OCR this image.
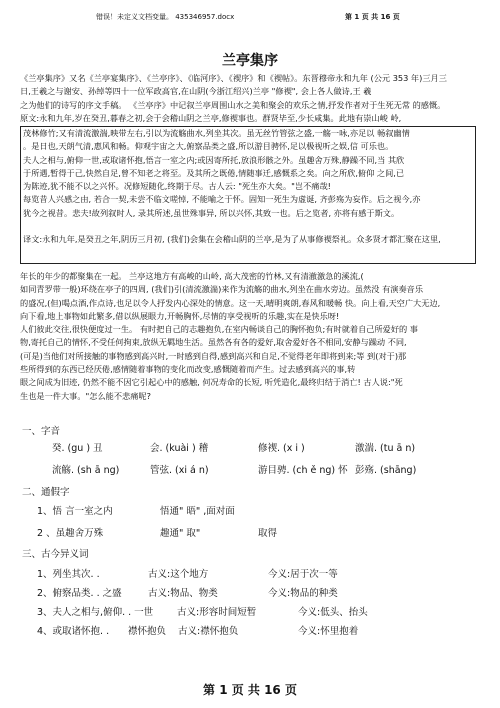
错误！未定义文档变量。 435346957.docx	第 1 页 共 16 页
兰亭集序
《兰亭集序》又名《兰亭宴集序》、《兰亭序》、《临河序》、《禊序》和《禊帖》。东晋穆帝永和九年 (公元 353 年)三月三
日,王羲之与谢安、孙绰等四十一位军政高官,在山阴(今浙江绍兴)兰亭 "修禊", 会上各人做诗,王 羲
之为他们的诗写的序文手稿。 《兰亭序》中记叙兰亭周围山水之美和聚会的欢乐之情,抒发作者对于生死无常 的感慨。
原文:永和九年,岁在癸丑,暮春之初,会于会稽山阴之兰亭,修禊事也。群贤毕至,少长咸集。此地有崇山峻 岭,
茂林修竹;又有清流激湍,映带左右,引以为流觞曲水,列坐其次。虽无丝竹管弦之盛,一觞一咏,亦足以 畅叙幽情
。是日也,天朗气清,惠风和畅。仰观宇宙之大,俯察品类之盛,所以游目骋怀,足以极视听之娱,信 可乐也。
夫人之相与,俯仰一世,或取诸怀抱,悟言一室之内;或因寄所托,放浪形骸之外。虽趣舍万殊,静躁不同,当 其欣
于所遇,暂得于己,快然自足,曾不知老之将至。及其所之既倦,情随事迁,感慨系之矣。向之所欣,俯仰 之间,已
为陈迹,犹不能不以之兴怀。况修短随化,终期于尽。古人云: "死生亦大矣。"岂不痛哉!
每览昔人兴感之由, 若合一契,未尝不临文嗟悼, 不能喻之于怀。固知一死生为虚诞, 齐彭殇为妄作。后之视今,亦
犹今之视昔。悲夫!故列叙时人, 录其所述,虽世殊事异, 所以兴怀,其致一也。后之览者, 亦将有感于斯文。
译文:永和九年,是癸丑之年,阴历三月初, (我们)会集在会稽山阴的兰亭,是为了从事修禊祭礼。众多贤才都汇聚在这里,
年长的年少的都聚集在一起。 兰亭这地方有高峻的山岭, 高大茂密的竹林,又有清澈激急的溪流,(
如同青罗带一般)环绕在亭子的四周, (我们)引(清流激湍)来作为流觞的曲水,列坐在曲水旁边。虽然没 有演奏音乐
的盛况,(但)喝点酒,作点诗,也足以令人抒发内心深处的情意。这一天,晴明爽朗,春风和暖畅 快。向上看,天空广大无边,
向下看,地上事物如此繁多,借以纵展眼力,开畅胸怀,尽情的享受视听的乐趣,实在是快乐呀!
人们彼此交往,很快便度过一生。 有时把自己的志趣抱负,在室内畅谈自己的胸怀抱负;有时就着自己所爱好的 事
物,寄托自己的情怀,不受任何拘束,放纵无羁地生活。虽然各有各的爱好,取舍爱好各不相同,安静与躁动 不同,
(可是)当他们对所接触的事物感到高兴时,一时感到自得,感到高兴和自足,不觉得老年即将到来;等 到(对于)那
些所得到的东西已经厌倦,感情随着事物的变化而改变,感慨随着而产生。过去感到高兴的事,转
眼之间成为旧迹, 仍然不能不因它引起心中的感触, 何况寿命的长短, 听凭造化,最终归结于消亡! 古人说:"死
生也是一件大事。"怎么能不悲痛呢?
一、字音
癸. (gu ) 丑	会. (kuài ) 稽	修禊. (x i )	激湍. (tu ā n)
流觞. (sh ā ng)	管弦. (xi á n)	游目骋. (ch ě ng) 怀 彭殇. (shāng)
二、通假字
1、悟 言一室之内	悟通" 晤" ,面对面
2 、虽趣舍万殊	趣通" 取"	取得
三、古今异义词
1、列坐其次. .	古义:这个地方	今义:居于次一等
2、俯察品类. . 之盛	古义:物品、物类	今义:物品的种类
3、夫人之相与,俯仰. . 一世	古义:形容时间短暂	今义:低头、抬头
4、或取诸怀抱. . 襟怀抱负 古义:襟怀抱负	今义:怀里抱着
第 1 页 共 16 页
